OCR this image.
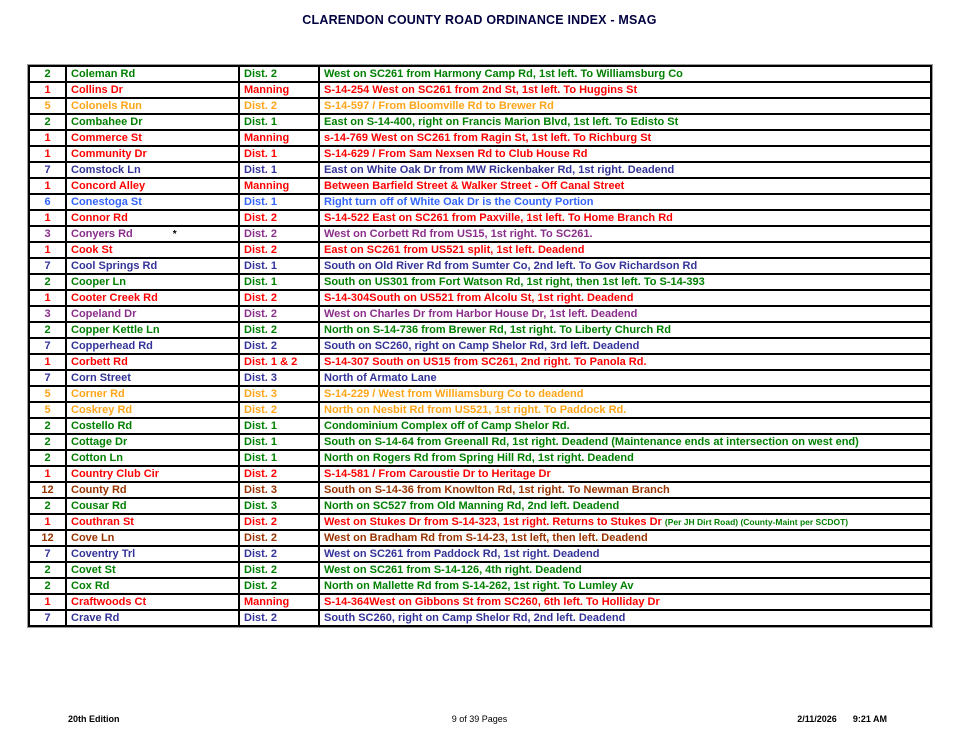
CLARENDON COUNTY ROAD ORDINANCE INDEX - MSAG
2	Coleman Rd	Dist. 2	West on SC261 from Harmony Camp Rd, 1st left. To Williamsburg Co
1	Collins Dr	Manning	S-14-254 West on SC261 from 2nd St, 1st left. To Huggins St
5	Colonels Run	Dist. 2	S-14-597 / From Bloomville Rd to Brewer Rd
2	Combahee Dr	Dist. 1	East on S-14-400, right on Francis Marion Blvd, 1st left. To Edisto St
1	Commerce St	Manning	s-14-769 West on SC261 from Ragin St, 1st left. To Richburg St
1	Community Dr	Dist. 1	S-14-629 / From Sam Nexsen Rd to Club House Rd
7	Comstock Ln	Dist. 1	East on White Oak Dr from MW Rickenbaker Rd, 1st right. Deadend
1	Concord Alley	Manning	Between Barfield Street & Walker Street - Off Canal Street
6	Conestoga St	Dist. 1	Right turn off of White Oak Dr is the County Portion
1	Connor Rd	Dist. 2	S-14-522 East on SC261 from Paxville, 1st left. To Home Branch Rd
3	Conyers Rd *	Dist. 2	West on Corbett Rd from US15, 1st right. To SC261.
1	Cook St	Dist. 2	East on SC261 from US521 split, 1st left. Deadend
7	Cool Springs Rd	Dist. 1	South on Old River Rd from Sumter Co, 2nd left. To Gov Richardson Rd
2	Cooper Ln	Dist. 1	South on US301 from Fort Watson Rd, 1st right, then 1st left. To S-14-393
1	Cooter Creek Rd	Dist. 2	S-14-304South on US521 from Alcolu St, 1st right. Deadend
3	Copeland Dr	Dist. 2	West on Charles Dr from Harbor House Dr, 1st left. Deadend
2	Copper Kettle Ln	Dist. 2	North on S-14-736 from Brewer Rd, 1st right. To Liberty Church Rd
7	Copperhead Rd	Dist. 2	South on SC260, right on Camp Shelor Rd, 3rd left. Deadend
1	Corbett Rd	Dist. 1 & 2	S-14-307 South on US15 from SC261, 2nd right. To Panola Rd.
7	Corn Street	Dist. 3	North of Armato Lane
5	Corner Rd	Dist. 3	S-14-229 / West from Williamsburg Co to deadend
5	Coskrey Rd	Dist. 2	North on Nesbit Rd from US521, 1st right. To Paddock Rd.
2	Costello Rd	Dist. 1	Condominium Complex off of Camp Shelor Rd.
2	Cottage Dr	Dist. 1	South on S-14-64 from Greenall Rd, 1st right. Deadend (Maintenance ends at intersection on west end)
2	Cotton Ln	Dist. 1	North on Rogers Rd from Spring Hill Rd, 1st right. Deadend
1	Country Club Cir	Dist. 2	S-14-581 / From Caroustie Dr to Heritage Dr
12	County Rd	Dist. 3	South on S-14-36 from Knowlton Rd, 1st right. To Newman Branch
2	Cousar Rd	Dist. 3	North on SC527 from Old Manning Rd, 2nd left. Deadend
1	Couthran St	Dist. 2	West on Stukes Dr from S-14-323, 1st right. Returns to Stukes Dr (Per JH Dirt Road) (County-Maint per SCDOT)
12	Cove Ln	Dist. 2	West on Bradham Rd from S-14-23, 1st left, then left. Deadend
7	Coventry Trl	Dist. 2	West on SC261 from Paddock Rd, 1st right. Deadend
2	Covet St	Dist. 2	West on SC261 from S-14-126, 4th right. Deadend
2	Cox Rd	Dist. 2	North on Mallette Rd from S-14-262, 1st right. To Lumley Av
1	Craftwoods Ct	Manning	S-14-364West on Gibbons St from SC260, 6th left. To Holliday Dr
7	Crave Rd	Dist. 2	South SC260, right on Camp Shelor Rd, 2nd left. Deadend
9 of 39 Pages
20th Edition	2/11/2026 9:21 AM
